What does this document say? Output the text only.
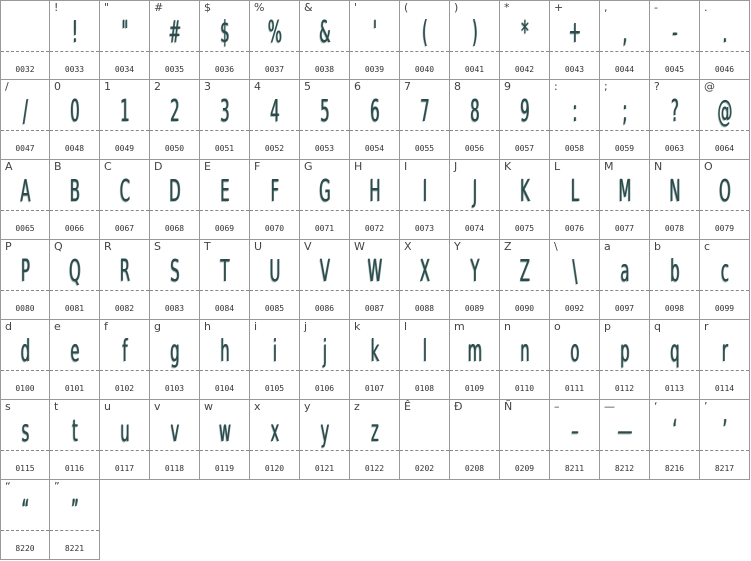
0032
!
!
0033
"
"
0034
#
#
0035
$
$
0036
%
%
0037
&
&
0038
'
'
0039
(
(
0040
)
)
0041
*
*
0042
+
+
0043
,
,
0044
-
-
0045
.
.
0046
/
/
0047
0
0
0048
1
1
0049
2
2
0050
3
3
0051
4
4
0052
5
5
0053
6
6
0054
7
7
0055
8
8
0056
9
9
0057
:
:
0058
;
;
0059
?
?
0063
@
@
0064
A
A
0065
B
B
0066
C
C
0067
D
D
0068
E
E
0069
F
F
0070
G
G
0071
H
H
0072
I
I
0073
J
J
0074
K
K
0075
L
L
0076
M
M
0077
N
N
0078
O
O
0079
P
P
0080
Q
Q
0081
R
R
0082
S
S
0083
T
T
0084
U
U
0085
V
V
0086
W
W
0087
X
X
0088
Y
Y
0089
Z
Z
0090
\
\
0092
a
a
0097
b
b
0098
c
c
0099
d
d
0100
e
e
0101
f
f
0102
g
g
0103
h
h
0104
i
i
0105
j
j
0106
k
k
0107
l
l
0108
m
m
0109
n
n
0110
o
o
0111
p
p
0112
q
q
0113
r
r
0114
s
s
0115
t
t
0116
u
u
0117
v
v
0118
w
w
0119
x
x
0120
y
y
0121
z
z
0122
Ê
0202
Ð
0208
Ñ
0209
–
–
8211
—
—
8212
‘
‘
8216
’
’
8217
“
“
8220
”
”
8221
